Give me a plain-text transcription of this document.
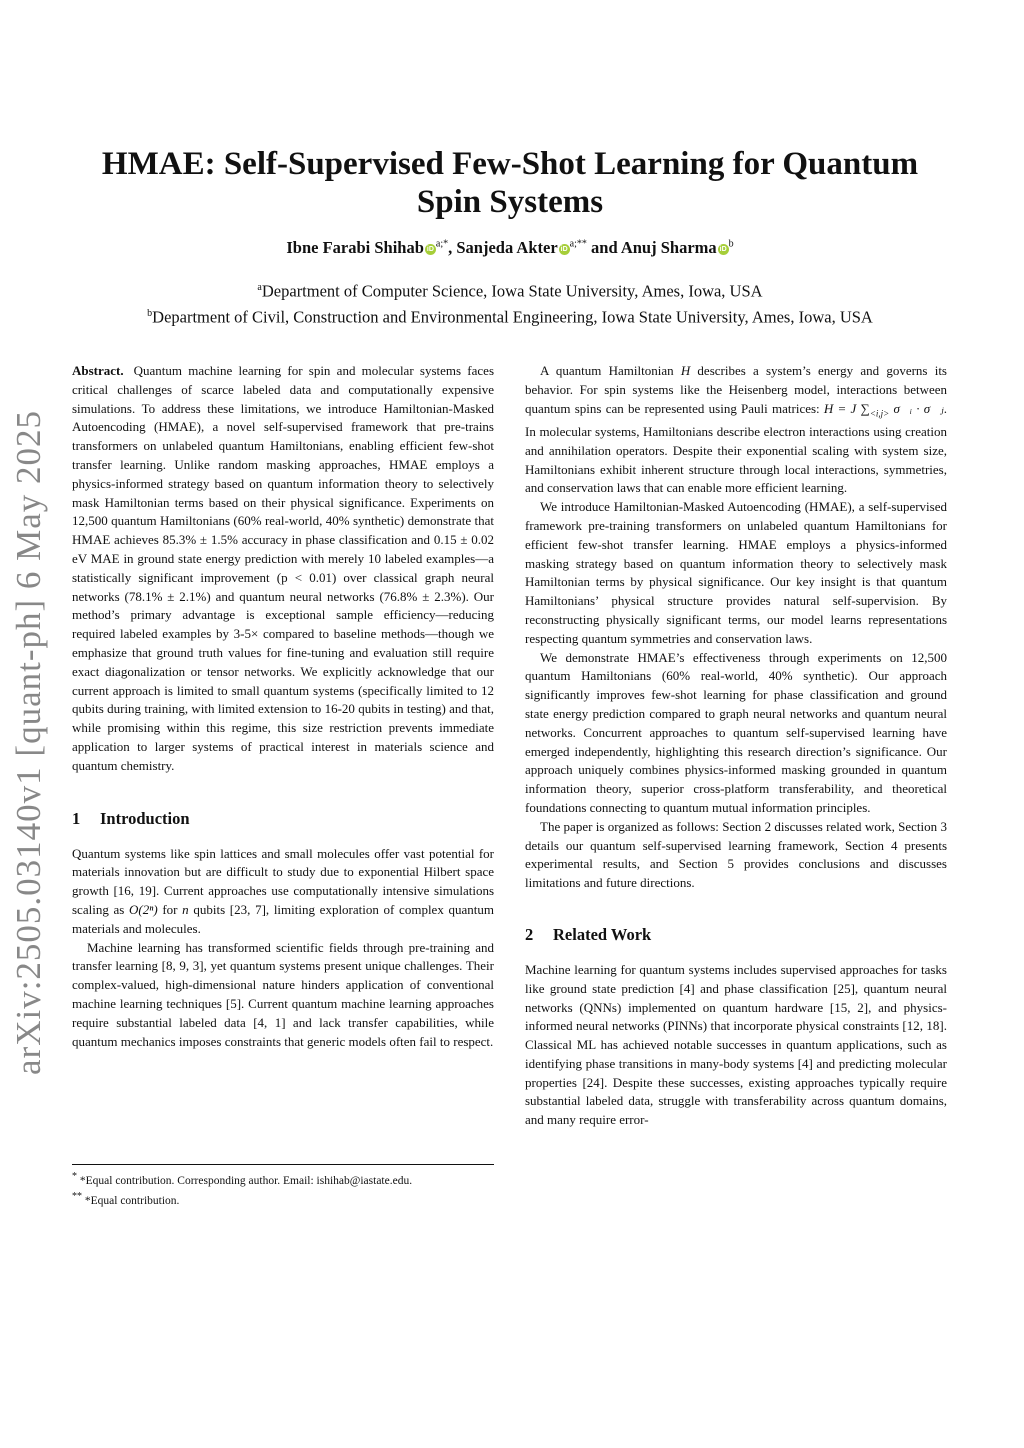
arXiv:2505.03140v1 [quant-ph] 6 May 2025
HMAE: Self-Supervised Few-Shot Learning for Quantum Spin Systems
Ibne Farabi Shihab iD $^{a;*}$, Sanjeda Akter iD $^{a;**}$ and Anuj Sharma iD $^b$
$^a$Department of Computer Science, Iowa State University, Ames, Iowa, USA
$^b$Department of Civil, Construction and Environmental Engineering, Iowa State University, Ames, Iowa, USA

Abstract. Quantum machine learning for spin and molecular systems faces critical challenges of scarce labeled data and computationally expensive simulations. To address these limitations, we introduce Hamiltonian-Masked Autoencoding (HMAE), a novel self-supervised framework that pre-trains transformers on unlabeled quantum Hamiltonians, enabling efficient few-shot transfer learning. Unlike random masking approaches, HMAE employs a physics-informed strategy based on quantum information theory to selectively mask Hamiltonian terms based on their physical significance. Experiments on 12,500 quantum Hamiltonians (60% real-world, 40% synthetic) demonstrate that HMAE achieves 85.3% ± 1.5% accuracy in phase classification and 0.15 ± 0.02 eV MAE in ground state energy prediction with merely 10 labeled examples—a statistically significant improvement (p < 0.01) over classical graph neural networks (78.1% ± 2.1%) and quantum neural networks (76.8% ± 2.3%). Our method’s primary advantage is exceptional sample efficiency—reducing required labeled examples by 3-5× compared to baseline methods—though we emphasize that ground truth values for fine-tuning and evaluation still require exact diagonalization or tensor networks. We explicitly acknowledge that our current approach is limited to small quantum systems (specifically limited to 12 qubits during training, with limited extension to 16-20 qubits in testing) and that, while promising within this regime, this size restriction prevents immediate application to larger systems of practical interest in materials science and quantum chemistry.

1 Introduction

Quantum systems like spin lattices and small molecules offer vast potential for materials innovation but are difficult to study due to exponential Hilbert space growth [16, 19]. Current approaches use computationally intensive simulations scaling as O(2ⁿ) for n qubits [23, 7], limiting exploration of complex quantum materials and molecules.

Machine learning has transformed scientific fields through pre-training and transfer learning [8, 9, 3], yet quantum systems present unique challenges. Their complex-valued, high-dimensional nature hinders application of conventional machine learning techniques [5]. Current quantum machine learning approaches require substantial labeled data [4, 1] and lack transfer capabilities, while quantum mechanics imposes constraints that generic models often fail to respect.

* *Equal contribution. Corresponding author. Email: ishihab@iastate.edu.
** *Equal contribution.

A quantum Hamiltonian H describes a system’s energy and governs its behavior. For spin systems like the Heisenberg model, interactions between quantum spins can be represented using Pauli matrices: H = J $\sum_{<i,j>}$ σ⃗ᵢ · σ⃗ⱼ. In molecular systems, Hamiltonians describe electron interactions using creation and annihilation operators. Despite their exponential scaling with system size, Hamiltonians exhibit inherent structure through local interactions, symmetries, and conservation laws that can enable more efficient learning.

We introduce Hamiltonian-Masked Autoencoding (HMAE), a self-supervised framework pre-training transformers on unlabeled quantum Hamiltonians for efficient few-shot transfer learning. HMAE employs a physics-informed masking strategy based on quantum information theory to selectively mask Hamiltonian terms by physical significance. Our key insight is that quantum Hamiltonians’ physical structure provides natural self-supervision. By reconstructing physically significant terms, our model learns representations respecting quantum symmetries and conservation laws.

We demonstrate HMAE’s effectiveness through experiments on 12,500 quantum Hamiltonians (60% real-world, 40% synthetic). Our approach significantly improves few-shot learning for phase classification and ground state energy prediction compared to graph neural networks and quantum neural networks. Concurrent approaches to quantum self-supervised learning have emerged independently, highlighting this research direction’s significance. Our approach uniquely combines physics-informed masking grounded in quantum information theory, superior cross-platform transferability, and theoretical foundations connecting to quantum mutual information principles.

The paper is organized as follows: Section 2 discusses related work, Section 3 details our quantum self-supervised learning framework, Section 4 presents experimental results, and Section 5 provides conclusions and discusses limitations and future directions.

2 Related Work

Machine learning for quantum systems includes supervised approaches for tasks like ground state prediction [4] and phase classification [25], quantum neural networks (QNNs) implemented on quantum hardware [15, 2], and physics-informed neural networks (PINNs) that incorporate physical constraints [12, 18]. Classical ML has achieved notable successes in quantum applications, such as identifying phase transitions in many-body systems [4] and predicting molecular properties [24]. Despite these successes, existing approaches typically require substantial labeled data, struggle with transferability across quantum domains, and many require error-
